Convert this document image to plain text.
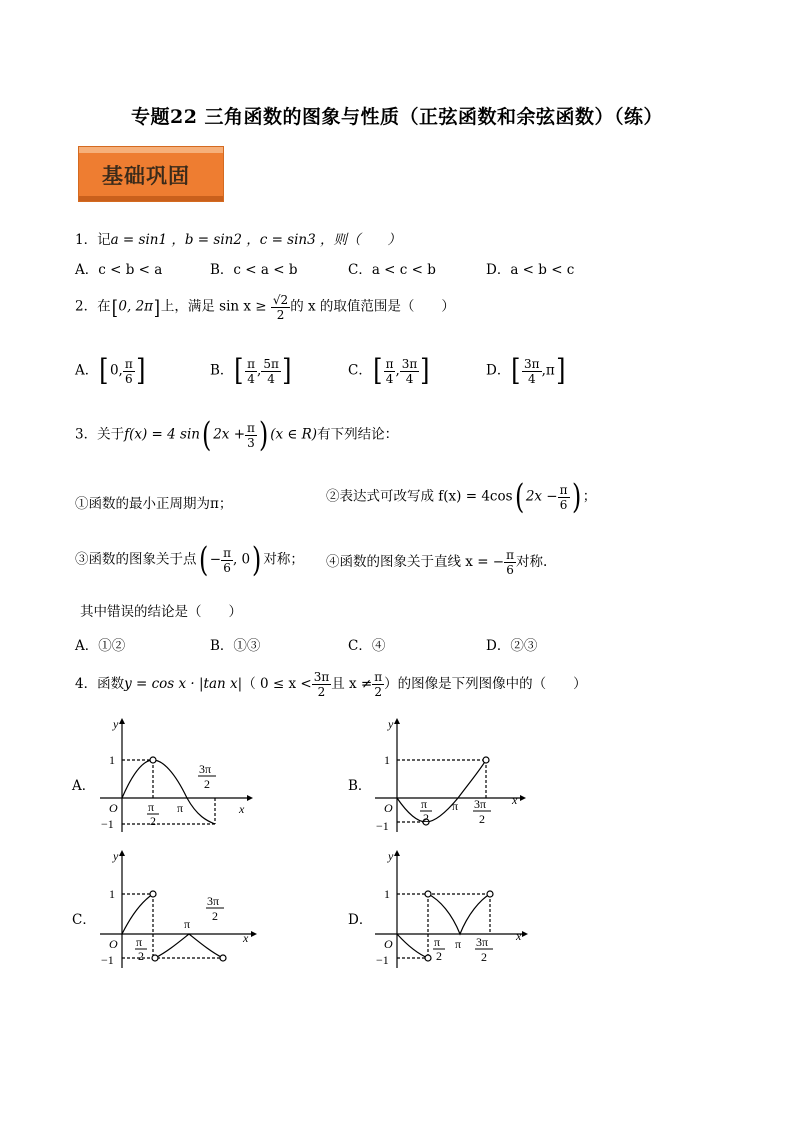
专题22 三角函数的图象与性质（正弦函数和余弦函数）（练）
基础巩固
1．记a = sin1 ，b = sin2 ，c = sin3 ，则（　　）
A．c < b < a	B．c < a < b	C．a < c < b	D．a < b < c
2．在[0, 2π]上，满足 $\sin x \ge \frac{√2}{2}$ 的 x 的取值范围是（　　）
A．[0, $\frac{\pi}{6}$ ]	B．[ $\frac{\pi}{4}$ , $\frac{5\pi}{4}$ ]	C．[ $\frac{\pi}{4}$ , $\frac{3\pi}{4}$ ]	D．[ $\frac{3\pi}{4} ,\pi$]
3．关于f(x) = 4 sin( $2x + \frac{\pi}{3}$ ) (x ∈ R)有下列结论：
①函数的最小正周期为π；	②表达式可改写成 f(x) = 4cos( $2x - \frac{\pi}{6}$ ) ；
③函数的图象关于点( − $\frac{\pi}{6}$ , 0) 对称； ④函数的图象关于直线 x = − $\frac{\pi}{6}$ 对称.
其中错误的结论是（　　）
A．①②	B．①③	C．④	D．②③
4．函数y = cos x · |tan x|（ $0 \le x < \frac{3\pi}{2}$ 且 $x \ne \frac{\pi}{2}$ ）的图像是下列图像中的（　　）
A．	B．
C．	D．
y
x
O
1
−1
π
2
π
3π
2
y
x
O
1
−1
π
2
π 3π
2
y
x
O
1
−1
π
2
π
3π
2
y
x
O
1
−1
π
2
π 3π
2
